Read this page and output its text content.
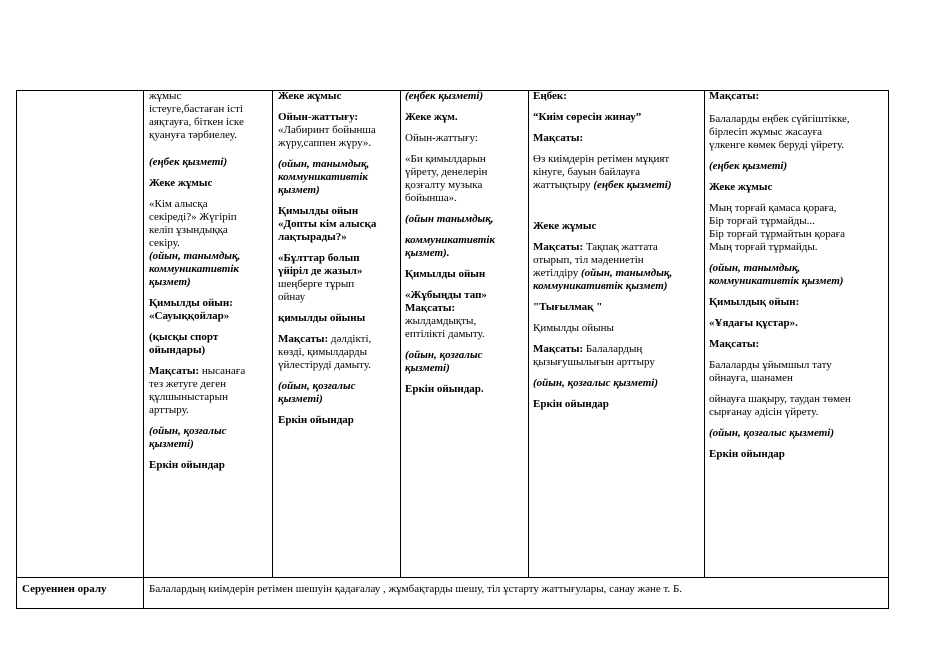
жұмыс

істеуге,бастаған істі

аяқтауға, біткен іске

қуануға тәрбиелеу.

(еңбек қызметі)

Жеке жұмыс

«Кім алысқа

секіреді?» Жүгіріп

келіп ұзындыққа

секіру.

(ойын, танымдық,

коммуникативтік

қызмет)

Қимылды ойын:

«Сауыққойлар»

(қысқы спорт

ойындары)

Мақсаты: нысанаға

тез жетуге деген

құлшыныстарын

арттыру.

(ойын, қозғалыс

қызметі)

Еркін ойындар

Жеке жұмыс

Ойын-жаттығу:

«Лабиринт бойынша

жүру,саппен жүру».

(ойын, танымдық,

коммуникативтік

қызмет)

Қимылды ойын

«Допты кім алысқа

лақтырады?»

«Бұлттар болып

үйіріл де жазыл»

шеңберге тұрып

ойнау

қимылды ойыны

Мақсаты: дәлдікті,

көзді, қимылдарды

үйлестіруді дамыту.

(ойын, қозғалыс

қызметі)

Еркін ойындар

(еңбек қызметі)

Жеке жұм.

Ойын-жаттығу:

«Би қимылдарын

үйрету, денелерін

қозғалту музыка

бойынша».

(ойын танымдық,

коммуникативтік

қызмет).

Қимылды ойын

«Жұбыңды тап»

Мақсаты:

жылдамдықты,

ептілікті дамыту.

(ойын, қозғалыс

қызметі)

Еркін ойындар.

Еңбек:

“Киім сөресін жинау”

Мақсаты:

Өз киімдерін ретімен мұқият

кiнуге, бауын байлауға

жаттықтыру (еңбек қызметі)

Жеке жұмыс

Мақсаты: Тақпақ жаттата

отырып, тіл мәдениетін

жетілдіру (ойын, танымдық,

коммуникативтік қызмет)

"Тығылмақ "

Қимылды ойыны

Мақсаты: Балалардың

қызығушылығын арттыру

(ойын, қозғалыс қызметі)

Еркін ойындар

Мақсаты:

Балаларды еңбек сүйгіштікке,

бірлесіп жұмыс жасауға

үлкенге көмек беруді үйрету.

(еңбек қызметі)

Жеке жұмыс

Мың торғай қамаса қораға,

Бір торғай тұрмайды...

Бір торғай тұрмайтын қораға

Мың торғай тұрмайды.

(ойын, танымдық,

коммуникативтік қызмет)

Қимылдық ойын:

«Ұядағы құстар».

Мақсаты:

Балаларды ұйымшыл тату

ойнауға, шанамен

ойнауға шақыру, таудан төмен

сырғанау әдісін үйрету.

(ойын, қозғалыс қызметі)

Еркін ойындар

Серуеннен оралу	Балалардың киімдерін ретімен шешуін қадағалау , жұмбақтарды шешу, тіл ұстарту жаттығулары, санау және т. Б.
